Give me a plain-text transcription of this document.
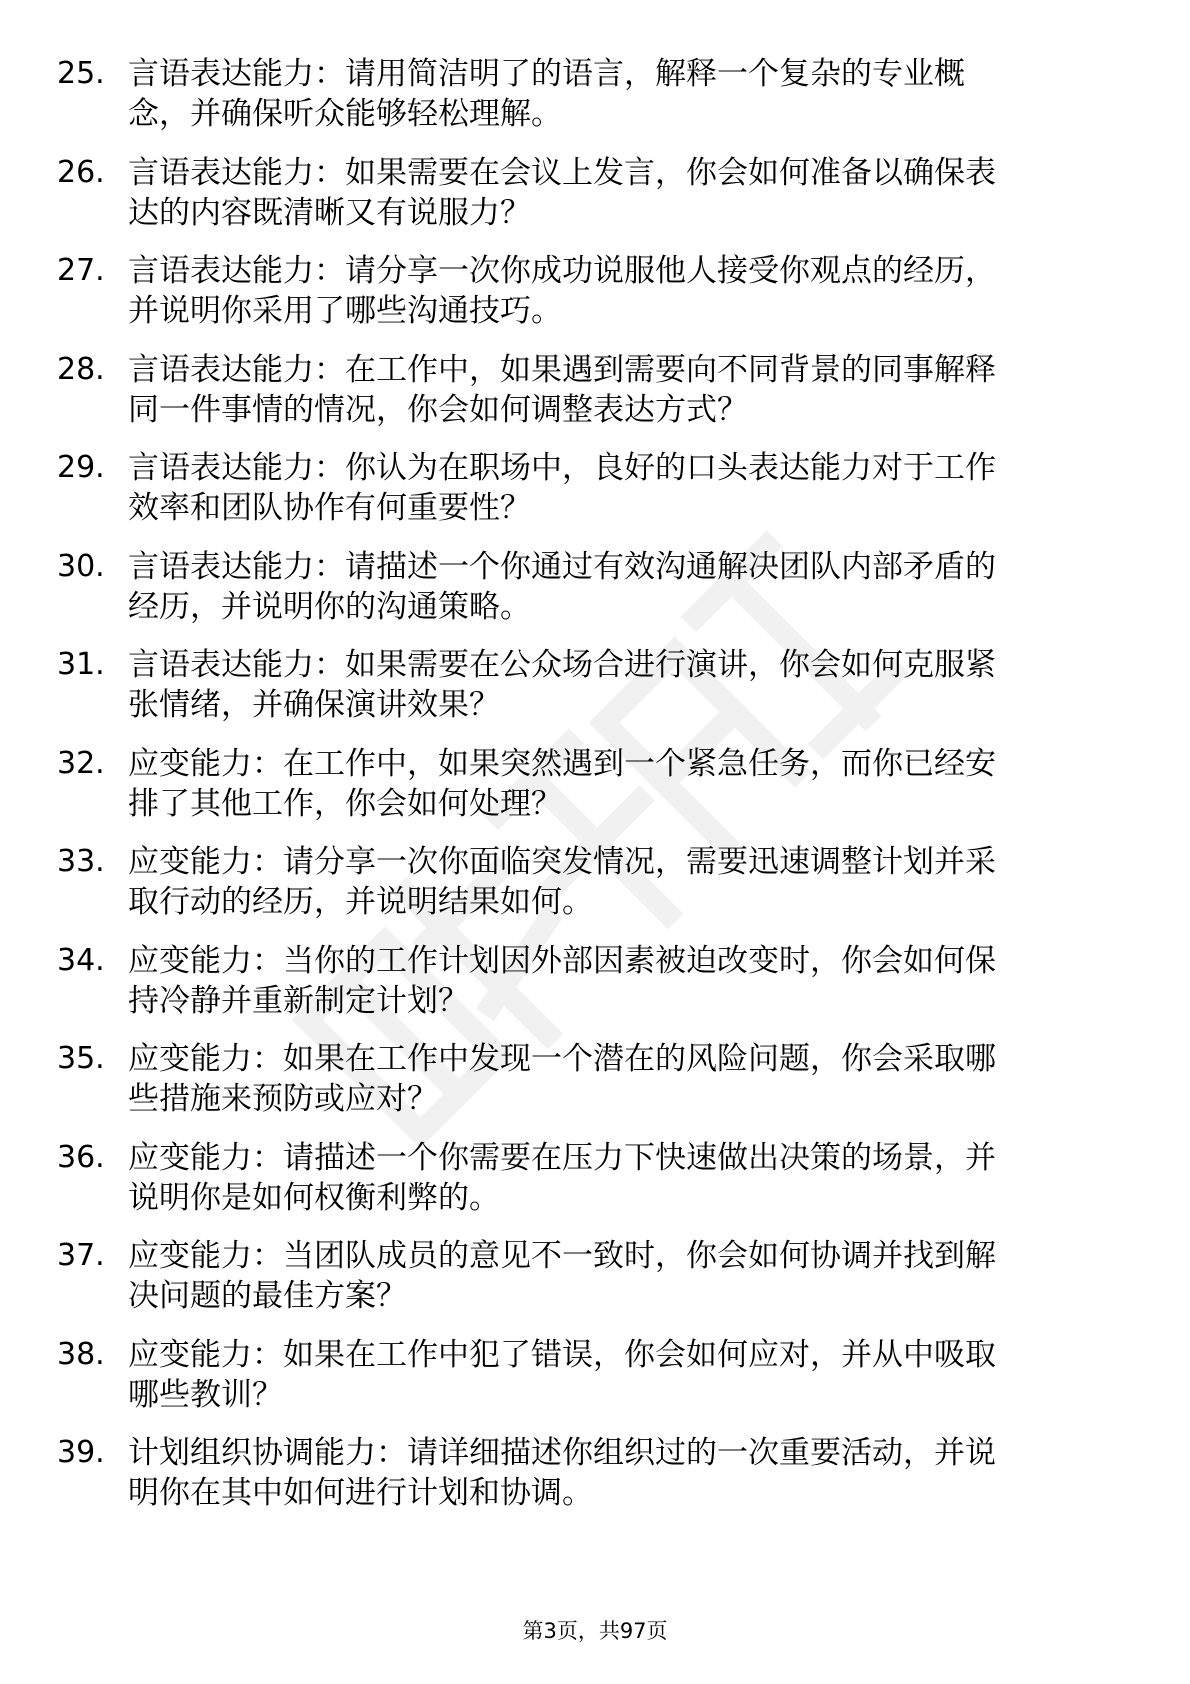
25. 言语表达能力：请用简洁明了的语言，解释一个复杂的专业概
念，并确保听众能够轻松理解。
26. 言语表达能力：如果需要在会议上发言，你会如何准备以确保表
达的内容既清晰又有说服力？
27. 言语表达能力：请分享一次你成功说服他人接受你观点的经历，
并说明你采用了哪些沟通技巧。
28. 言语表达能力：在工作中，如果遇到需要向不同背景的同事解释
同一件事情的情况，你会如何调整表达方式？
29. 言语表达能力：你认为在职场中，良好的口头表达能力对于工作
效率和团队协作有何重要性？
30. 言语表达能力：请描述一个你通过有效沟通解决团队内部矛盾的
经历，并说明你的沟通策略。
31. 言语表达能力：如果需要在公众场合进行演讲，你会如何克服紧
张情绪，并确保演讲效果？
32. 应变能力：在工作中，如果突然遇到一个紧急任务，而你已经安
排了其他工作，你会如何处理？
33. 应变能力：请分享一次你面临突发情况，需要迅速调整计划并采
取行动的经历，并说明结果如何。
34. 应变能力：当你的工作计划因外部因素被迫改变时，你会如何保
持冷静并重新制定计划？
35. 应变能力：如果在工作中发现一个潜在的风险问题，你会采取哪
些措施来预防或应对？
36. 应变能力：请描述一个你需要在压力下快速做出决策的场景，并
说明你是如何权衡利弊的。
37. 应变能力：当团队成员的意见不一致时，你会如何协调并找到解
决问题的最佳方案？
38. 应变能力：如果在工作中犯了错误，你会如何应对，并从中吸取
哪些教训？
39. 计划组织协调能力：请详细描述你组织过的一次重要活动，并说
明你在其中如何进行计划和协调。
第3页，共97页
